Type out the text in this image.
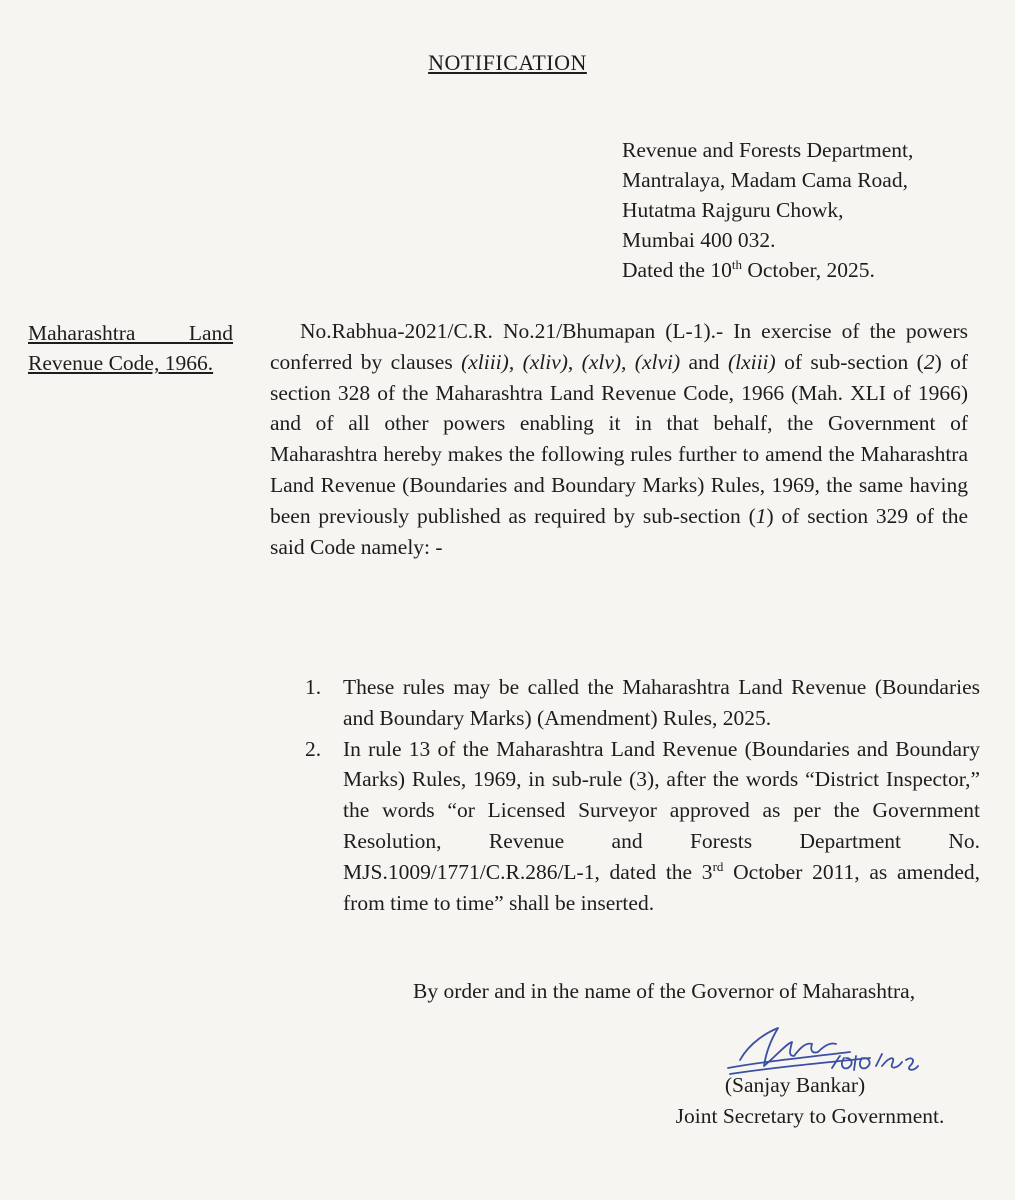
NOTIFICATION
Revenue and Forests Department,
Mantralaya, Madam Cama Road,
Hutatma Rajguru Chowk,
Mumbai 400 032.
Dated the 10th October, 2025.
Maharashtra Land Revenue Code, 1966.

No.Rabhua-2021/C.R. No.21/Bhumapan (L-1).- In exercise of the powers conferred by clauses (xliii), (xliv), (xlv), (xlvi) and (lxiii) of sub-section (2) of section 328 of the Maharashtra Land Revenue Code, 1966 (Mah. XLI of 1966) and of all other powers enabling it in that behalf, the Government of Maharashtra hereby makes the following rules further to amend the Maharashtra Land Revenue (Boundaries and Boundary Marks) Rules, 1969, the same having been previously published as required by sub-section (1) of section 329 of the said Code namely: -

1. These rules may be called the Maharashtra Land Revenue (Boundaries and Boundary Marks) (Amendment) Rules, 2025.
2. In rule 13 of the Maharashtra Land Revenue (Boundaries and Boundary Marks) Rules, 1969, in sub-rule (3), after the words “District Inspector,” the words “or Licensed Surveyor approved as per the Government Resolution, Revenue and Forests Department No. MJS.1009/1771/C.R.286/L-1, dated the 3rd October 2011, as amended, from time to time” shall be inserted.

By order and in the name of the Governor of Maharashtra,

(Sanjay Bankar)
Joint Secretary to Government.
